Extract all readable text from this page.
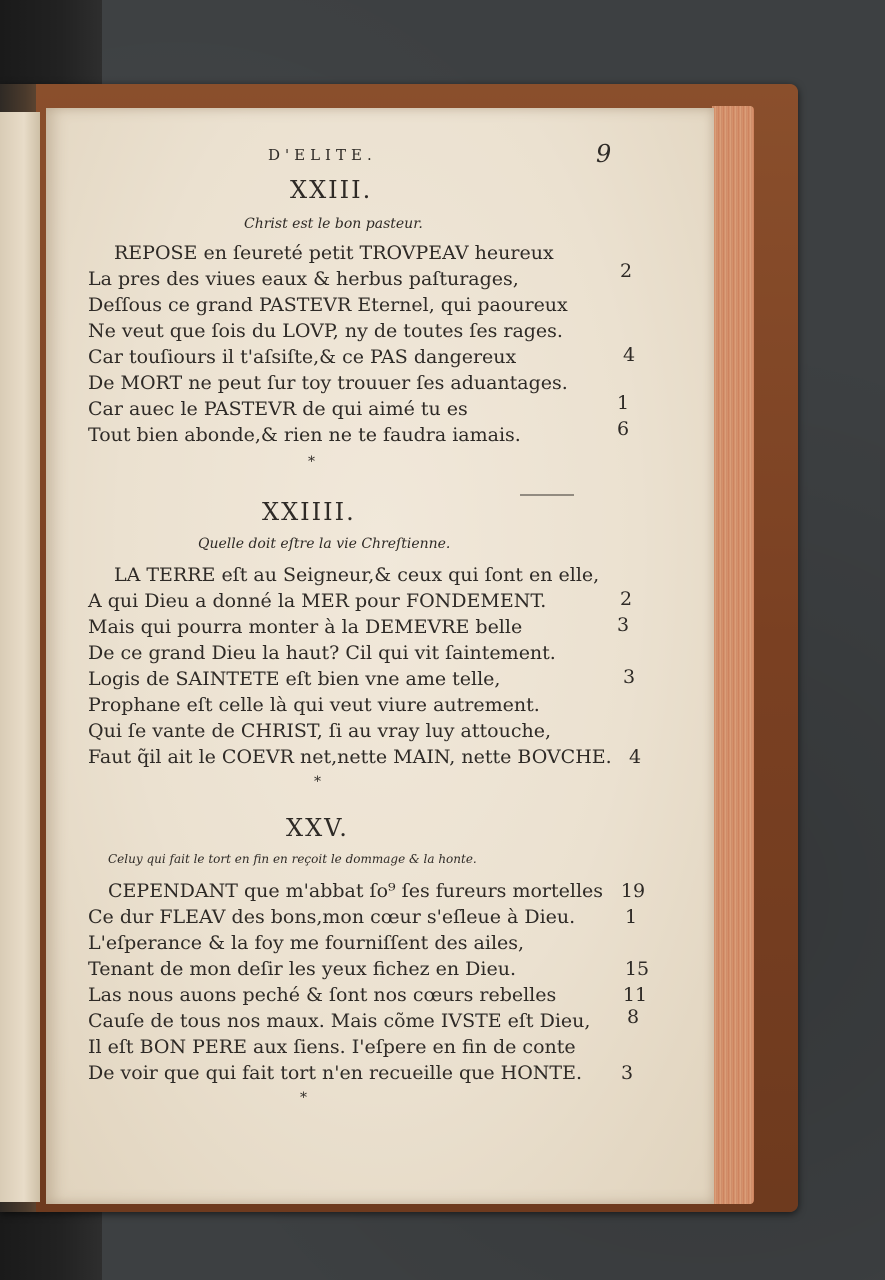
D'ELITE.	9
XXIII.
Christ est le bon pasteur.
REPOSE en ſeureté petit TROVPEAV heureux
La pres des viues eaux & herbus paſturages,	2
Deſſous ce grand PASTEVR Eternel, qui paoureux
Ne veut que ſois du LOVP, ny de toutes ſes rages.
Car touſiours il t'aſsiſte,& ce PAS dangereux	4
De MORT ne peut ſur toy trouuer ſes aduantages.
Car auec le PASTEVR de qui aimé tu es	1
Tout bien abonde,& rien ne te faudra iamais.	6
*
XXIIII.
Quelle doit eſtre la vie Chreſtienne.
LA TERRE eſt au Seigneur,& ceux qui ſont en elle,
A qui Dieu a donné la MER pour FONDEMENT.	2
Mais qui pourra monter à la DEMEVRE belle	3
De ce grand Dieu la haut? Cil qui vit ſaintement.
Logis de SAINTETE eſt bien vne ame telle,	3
Prophane eſt celle là qui veut viure autrement.
Qui ſe vante de CHRIST, ſi au vray luy attouche,
Faut q̃il ait le COEVR net,nette MAIN, nette BOVCHE. 4
*
XXV.
Celuy qui fait le tort en fin en reçoit le dommage & la honte.
CEPENDANT que m'abbat ſo⁹ ſes fureurs mortelles 19
Ce dur FLEAV des bons,mon cœur s'eſleue à Dieu.	1
L'eſperance & la foy me fourniſſent des ailes,
Tenant de mon deſir les yeux fichez en Dieu.	15
Las nous auons peché & ſont nos cœurs rebelles	11
Cauſe de tous nos maux. Mais cõme IVSTE eſt Dieu,	8
Il eſt BON PERE aux ſiens. I'eſpere en fin de conte
De voir que qui fait tort n'en recueille que HONTE.	3
*
